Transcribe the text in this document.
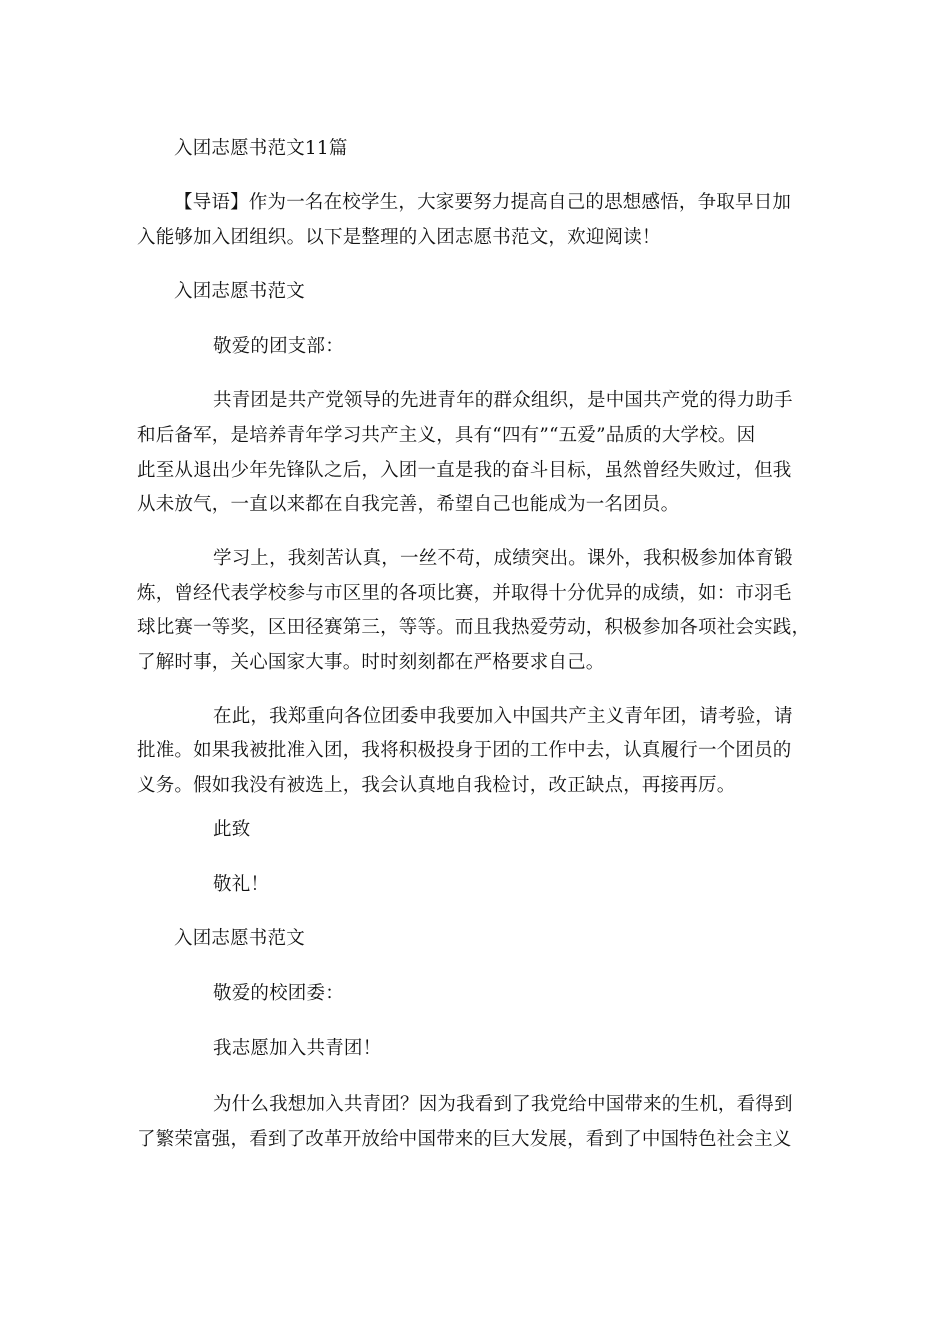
入团志愿书范文11篇
【导语】作为一名在校学生，大家要努力提高自己的思想感悟，争取早日加
入能够加入团组织。以下是整理的入团志愿书范文，欢迎阅读！
入团志愿书范文
敬爱的团支部：
共青团是共产党领导的先进青年的群众组织，是中国共产党的得力助手
和后备军，是培养青年学习共产主义，具有“四有”“五爱”品质的大学校。因
此至从退出少年先锋队之后，入团一直是我的奋斗目标，虽然曾经失败过，但我
从未放气，一直以来都在自我完善，希望自己也能成为一名团员。
学习上，我刻苦认真，一丝不苟，成绩突出。课外，我积极参加体育锻
炼，曾经代表学校参与市区里的各项比赛，并取得十分优异的成绩，如：市羽毛
球比赛一等奖，区田径赛第三，等等。而且我热爱劳动，积极参加各项社会实践，
了解时事，关心国家大事。时时刻刻都在严格要求自己。
在此，我郑重向各位团委申我要加入中国共产主义青年团，请考验，请
批准。如果我被批准入团，我将积极投身于团的工作中去，认真履行一个团员的
义务。假如我没有被选上，我会认真地自我检讨，改正缺点，再接再厉。
此致
敬礼！
入团志愿书范文
敬爱的校团委：
我志愿加入共青团！
为什么我想加入共青团？因为我看到了我党给中国带来的生机，看得到
了繁荣富强，看到了改革开放给中国带来的巨大发展，看到了中国特色社会主义
